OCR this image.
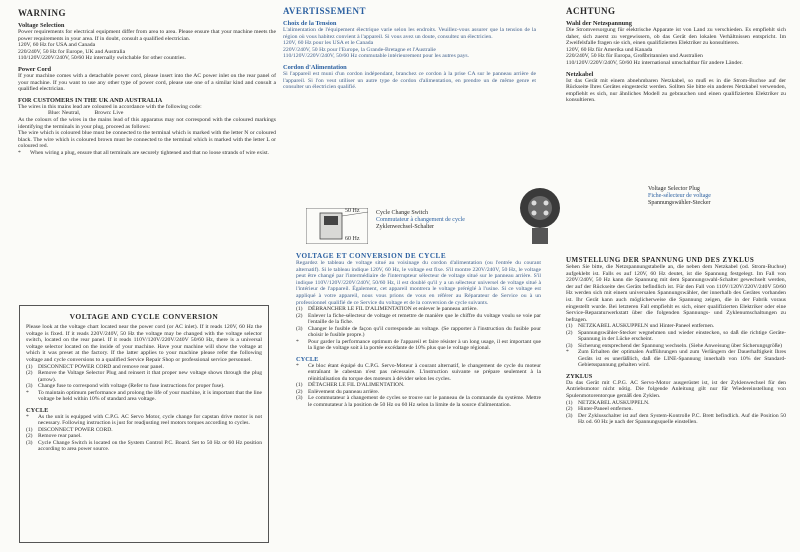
WARNING
Voltage Selection

Power requirements for electrical equipment differ from area to area. Please ensure that your machine meets the power requirements in your area. If in doubt, consult a qualified electrician.

120V, 60 Hz for USA and Canada

220/240V, 50 Hz for Europe, UK and Australia

110/120V/220V/240V, 50/60 Hz internally switchable for other countries.

Power Cord

If your machine comes with a detachable power cord, please insert into the AC power inlet on the rear panel of your machine. If you want to use any other type of power cord, please use one of a similar kind and consult a qualified electrician.

FOR CUSTOMERS IN THE UK AND AUSTRALIA

The wires in this mains lead are coloured in accordance with the following code:

Blue: Neutral,          Brown: Live

As the colours of the wires in the mains lead of this apparatus may not correspond with the coloured markings identifying the terminals in your plug, proceed as follows:

The wire which is coloured blue must be connected to the terminal which is marked with the letter N or coloured black. The wire which is coloured brown must be connected to the terminal which is marked with the letter L or coloured red.

*	When wiring a plug, ensure that all terminals are securely tightened and that no loose strands of wire exist.
VOLTAGE AND CYCLE CONVERSION

Please look at the voltage chart located near the power cord (or AC inlet). If it reads 120V, 60 Hz the voltage is fixed. If it reads 220V/240V, 50 Hz the voltage may be changed with the voltage selector switch, located on the rear panel. If it reads 110V/120V/220V/240V 50/60 Hz, there is a universal voltage selector located on the inside of your machine. Have your machine will show the voltage at which it was preset at the factory. If the latter applies to your machine please refer the following voltage and cycle conversions to a qualified Service Repair Shop or professional service personnel.

(1) DISCONNECT POWER CORD and remove rear panel.
(2) Remove the Voltage Selector Plug and reinsert it that proper new voltage shows through the plug (arrow).
(3) Change fuse to correspond with voltage (Refer to fuse instructions for proper fuse).
*	To maintain optimum performance and prolong the life of your machine, it is important that the line voltage be held within 10% of standard area voltage.
CYCLE
*	As the unit is equipped with C.P.G. AC Servo Motor, cycle change for capstan drive motor is not necessary. Following instruction is just for readjusting reel motors torques according to cycles.
(1) DISCONNECT POWER CORD.
(2) Remove rear panel.
(3) Cycle Change Switch is located on the System Control P.C. Board. Set to 50 Hz or 60 Hz position according to area power source.
AVERTISSEMENT
Choix de la Tension

L'alimentation de l'équipement électrique varie selon les endroits. Veuillez-vous assurer que la tension de la région où vous habitez convient à l'appareil. Si vous avez un doute, consultez un électricien.

120V, 60 Hz pour les USA et le Canada

220V/240V, 50 Hz pour l'Europe, la Grande-Bretagne et l'Australie

110/120V/220V/240V, 50/60 Hz commutable intérieurement pour les autres pays.

Cordon d'Alimentation

Si l'appareil est muni d'un cordon indépendant, branchez ce cordon à la prise CA sur le panneau arrière de l'appareil. Si l'on veut utiliser un autre type de cordon d'alimentation, en prendre un de même genre et consulter un électricien qualifié.

50 Hz
60 Hz
Cycle Change Switch
Commutateur à changement de cycle
Zyklenwechsel-Schalter
Voltage Selector Plug
Fiche-sélecteur de voltage
Spannungswähler-Stecker
VOLTAGE ET CONVERSION DE CYCLE

Regardez le tableau de voltage situé au voisinage du cordon d'alimentation (ou l'entrée du courant alternatif). Si le tableau indique 120V, 60 Hz, le voltage est fixe. S'il montre 220V/240V, 50 Hz, le voltage peut être changé par l'intermédiaire de l'interrupteur sélecteur de voltage situé sur le panneau arrière. S'il indique 110V/120V/220V/240V, 50/60 Hz, il est doublé qu'il y a un sélecteur universel de voltage situé à l'intérieur de l'appareil. Également, cet appareil montrera le voltage préréglé à l'usine. Si ce voltage est appliqué à votre appareil, nous vous prions de vous en référer au Réparateur de Service ou à un professionnel qualifié de ce Service du voltage et de la conversion de cycle suivants.

(1) DÉBRANCHER LE FIL D'ALIMENTATION et enlever le panneau arrière.
(2) Enlever la fiche-sélecteur de voltage et remettre de manière que le chiffre du voltage voulu se voie par l'entaille de la fiche.
(3) Changer le fusible de façon qu'il corresponde au voltage. (Se rapporter à l'instruction du fusible pour choisir le fusible propre.)
*	Pour garder la performance optimum de l'appareil et faire résister à un long usage, il est important que la ligne de voltage soit à la portée excédante de 10% plus que le voltage régional.
CYCLE
*	Ce bloc étant équipé du C.P.G. Servo-Moteur à courant alternatif, le changement de cycle du moteur entraînant le cabestan n'est pas nécessaire. L'instruction suivante se prépare seulement à la réinitialisation du torque des moteurs à dévider selon les cycles.
(1) DÉTACHER LE FIL D'ALIMENTATION.
(2) Enlèvement du panneau arrière.
(3) Le commutateur à changement de cycles se trouve sur le panneau de la commande du système. Mettre le commutateur à la position de 50 Hz ou 60 Hz selon la limite de la source d'alimentation.
ACHTUNG
Wahl der Netzspannung

Die Stromversorgung für elektrische Apparate ist von Land zu verschieden. Es empfiehlt sich daher, sich zuerst zu vergewissern, ob das Gerät den lokalen Verhältnissen entspricht. Im Zweifelsfalle fragen sie sich, einen qualifizierten Elektriker zu konsultieren.

120V, 60 Hz für Amerika und Kanada

220/240V, 50 Hz für Europa, Großbritannien und Australien

110/120V/220V/240V, 50/60 Hz international umschaltbar für andere Länder.

Netzkabel

Ist das Gerät mit einem abnehmbaren Netzkabel, so muß es in die Strom-Buchse auf der Rückseite Ihres Gerätes eingesteckt werden. Sollten Sie bitte ein anderes Netzkabel verwenden, empfiehlt es sich, nur ähnliches Modell zu gebrauchen und einen qualifizierten Elektriker zu konsultieren.

UMSTELLUNG DER SPANNUNG UND DES ZYKLUS

Sehen Sie bitte, die Netzspannungstabelle an, die neben dem Netzkabel (od. Strom-Buchse) aufgeklebt ist. Falls es auf 120V, 60 Hz deutet, ist die Spannung festgelegt. Im Fall von 220V/240V, 50 Hz kann die Spannung mit dem Spannungswahl-Schalter gewechselt werden, der auf der Rückseite des Geräts befindlich ist. Für den Fall von 110V/120V/220V/240V 50/60 Hz werden sich mit einem universalen Spannungswähler, der innerhalb des Gerätes vorhanden ist. Ihr Gerät kann auch möglicherweise die Spannung zeigen, die in der Fabrik voraus eingestellt wurde. Bei letzteren Fall empfiehlt es sich, einer qualifizierten Elektriker oder eine Service-Reparaturwerkstatt über die folgenden Spannungs- und Zyklenumschaltungen zu befragen.

(1) NETZKABEL AUSKUPPELN und Hinter-Paneel entfernen.
(2) Spannungswähler-Stecker wegnehmen und wieder einstecken, so daß die richtige Geräte-Spannung in der Lücke erscheint.
(3) Sicherung entsprechend der Spannung wechseln. (Siehe Anweisung über Sicherungsgröße)
*	Zum Erhalten der optimalen Aufführungen und zum Verlängern der Dauerhaftigkeit Ihres Geräts ist es unerläßlich, daß die LINE-Spannung innerhalb von 10% der Standard-Gebietsspannung gehalten wird.
ZYKLUS

Da das Gerät mit C.P.G. AC Servo-Motor ausgerüstet ist, ist der Zyklenwechsel für den Antriebsmotor nicht nötig. Die folgende Anleitung gilt nur für Wiedereinstellung von Spulenmotorentorque gemäß den Zyklen.

(1) NETZKABEL AUSKUPPELN.
(2) Hinter-Paneel entfernen.
(3) Der Zyklusschalter ist auf dem System-Kontrolle P.C. Brett befindlich. Auf die Position 50 Hz od. 60 Hz je nach der Spannungsquelle einstellen.
